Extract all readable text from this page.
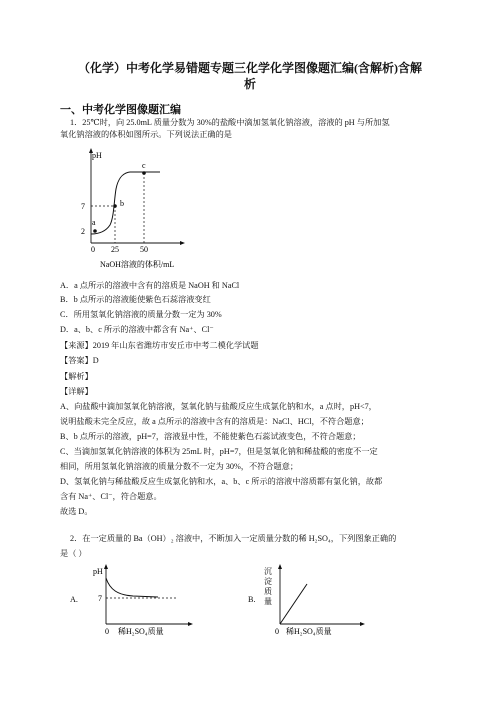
（化学）中考化学易错题专题三化学化学图像题汇编(含解析)含解
析
一、中考化学图像题汇编
1．25℃时，向 25.0mL 质量分数为 30%的盐酸中滴加氢氧化钠溶液，溶液的 pH 与所加氢
氧化钠溶液的体积如图所示。下列说法正确的是
pH
7
2
0 25	50
a
b
c
NaOH溶液的体积/mL
A．a 点所示的溶液中含有的溶质是 NaOH 和 NaCl
B．b 点所示的溶液能使紫色石蕊溶液变红
C．所用氢氧化钠溶液的质量分数一定为 30%
D．a、b、c 所示的溶液中都含有 Na⁺、Cl⁻
【来源】2019 年山东省潍坊市安丘市中考二模化学试题
【答案】D
【解析】
【详解】
A、向盐酸中滴加氢氧化钠溶液，氢氧化钠与盐酸反应生成氯化钠和水，a 点时，pH<7，
说明盐酸未完全反应，故 a 点所示的溶液中含有的溶质是：NaCl、HCl，不符合题意；
B、b 点所示的溶液，pH=7，溶液显中性，不能使紫色石蕊试液变色，不符合题意；
C、当滴加氢氧化钠溶液的体积为 25mL 时，pH=7，但是氢氧化钠和稀盐酸的密度不一定
相同，所用氢氧化钠溶液的质量分数不一定为 30%，不符合题意；
D、氢氧化钠与稀盐酸反应生成氯化钠和水，a、b、c 所示的溶液中溶质都有氯化钠，故都
含有 Na⁺、Cl⁻，符合题意。
故选 D。
2．在一定质量的 Ba（OH）₂ 溶液中，不断加入一定质量分数的稀 H₂SO₄，下列图象正确的
是（ ）
A.
pH
7
0 稀H₂SO₄质量
B.
沉
淀
质
量
0 稀H₂SO₄质量
